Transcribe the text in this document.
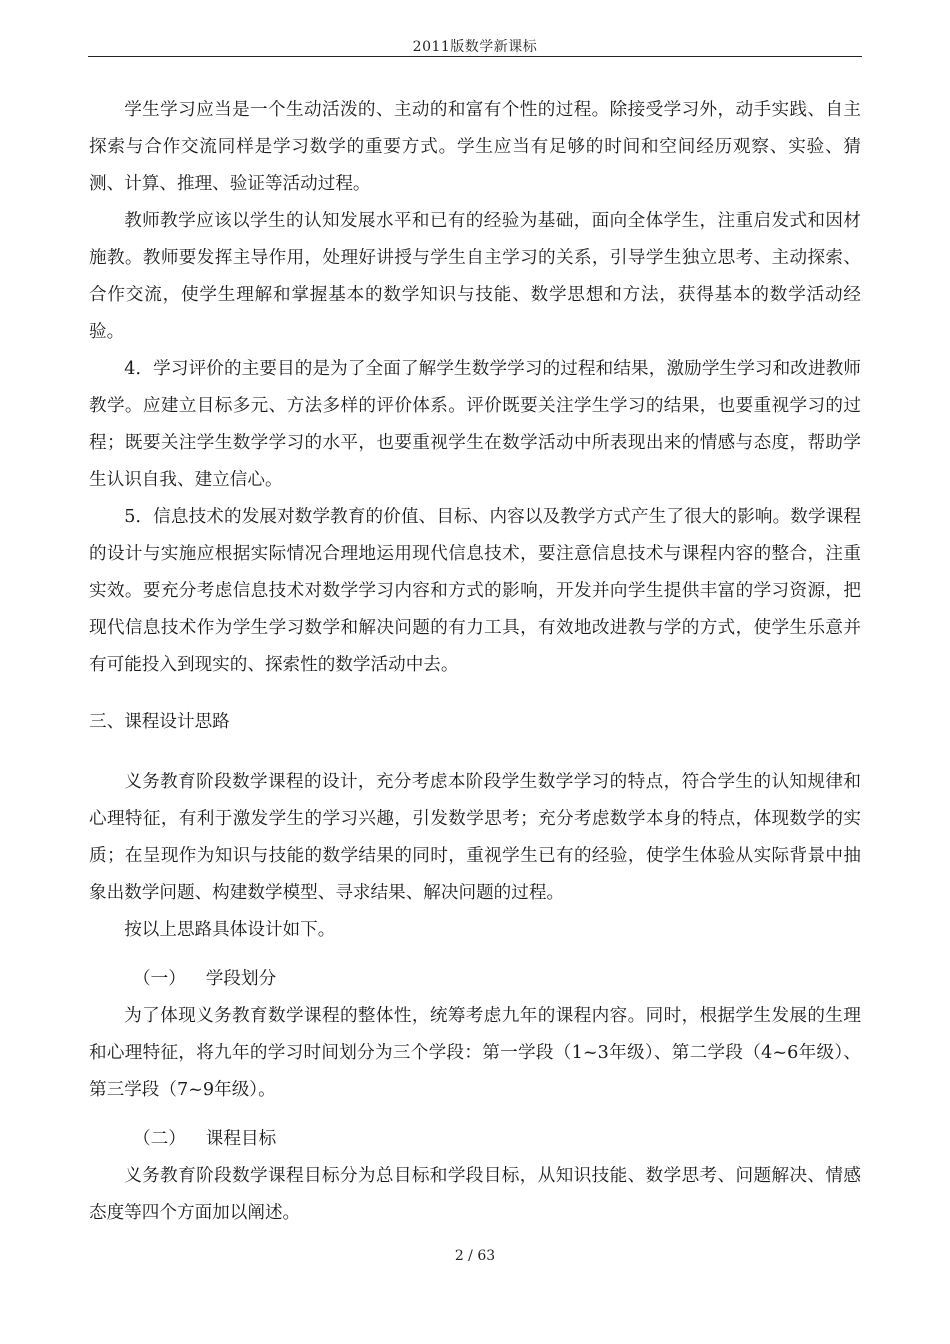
2011版数学新课标

学生学习应当是一个生动活泼的、主动的和富有个性的过程。除接受学习外，动手实践、自主探索与合作交流同样是学习数学的重要方式。学生应当有足够的时间和空间经历观察、实验、猜测、计算、推理、验证等活动过程。

教师教学应该以学生的认知发展水平和已有的经验为基础，面向全体学生，注重启发式和因材施教。教师要发挥主导作用，处理好讲授与学生自主学习的关系，引导学生独立思考、主动探索、合作交流，使学生理解和掌握基本的数学知识与技能、数学思想和方法，获得基本的数学活动经验。

4．学习评价的主要目的是为了全面了解学生数学学习的过程和结果，激励学生学习和改进教师教学。应建立目标多元、方法多样的评价体系。评价既要关注学生学习的结果，也要重视学习的过程；既要关注学生数学学习的水平，也要重视学生在数学活动中所表现出来的情感与态度，帮助学生认识自我、建立信心。

5．信息技术的发展对数学教育的价值、目标、内容以及教学方式产生了很大的影响。数学课程的设计与实施应根据实际情况合理地运用现代信息技术，要注意信息技术与课程内容的整合，注重实效。要充分考虑信息技术对数学学习内容和方式的影响，开发并向学生提供丰富的学习资源，把现代信息技术作为学生学习数学和解决问题的有力工具，有效地改进教与学的方式，使学生乐意并有可能投入到现实的、探索性的数学活动中去。

三、课程设计思路

义务教育阶段数学课程的设计，充分考虑本阶段学生数学学习的特点，符合学生的认知规律和心理特征，有利于激发学生的学习兴趣，引发数学思考；充分考虑数学本身的特点，体现数学的实质；在呈现作为知识与技能的数学结果的同时，重视学生已有的经验，使学生体验从实际背景中抽象出数学问题、构建数学模型、寻求结果、解决问题的过程。

按以上思路具体设计如下。

（一） 学段划分

为了体现义务教育数学课程的整体性，统筹考虑九年的课程内容。同时，根据学生发展的生理和心理特征，将九年的学习时间划分为三个学段：第一学段（1~3年级）、第二学段（4~6年级）、第三学段（7~9年级）。

（二） 课程目标

义务教育阶段数学课程目标分为总目标和学段目标，从知识技能、数学思考、问题解决、情感态度等四个方面加以阐述。

2 / 63
